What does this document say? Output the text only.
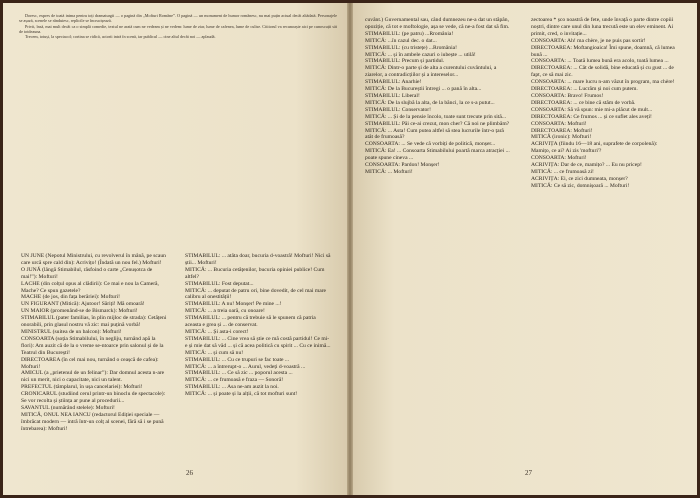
Doresc, expres de toată inima pentru toți dramaturgii — o pagină din „Mofturi Române”. O pagină — un monument de humor românesc, nu mai puțin actual decât altădată. Personajele se așază, scenele se rânduiesc, replicile se încrucișează.

Privit, însă, mai mult decât ca o simplă comedie, textul ne arată cum ne vedeam și ne vedem: lume de ziar, lume de cafenea, lume de culise. Cititorul va recunoaște aici pe cunoscuții săi de totdeauna.

Trecem, totuși, la spectacol; cortina se ridică, actorii intră în scenă, iar publicul — cine altul decât noi — aplaudă.

UN JUNE (Nepotul Ministrului, cu revolverul în mână, pe scaun care urcă spre cald din): Acrivițo! (Îndată un nou fel.) Mofturi!

O JUNĂ (lângă Stimabilul, răsfoind o carte „Cenușotca de mai!”): Mofturi!

LACHE (din colțul opus al clădirii): Ce mai e nou la Cameră, Mache? Ce spun gazetele?

MACHE (de jos, din fața berăriei): Mofturi!

UN FIGURANT (Mitică): Ajutoor! Săriți! Mă omoară!

UN MAIOR (promenând-se de Bismarck): Mofturi!

STIMABILUL (pater familias, în plin mijloc de strada): Cetățeni onorabili, prin glasul nostru vă zic: mai puțină vorbă!

MINISTRUL (suitea de un balcon): Mofturi!

CONSOARTA (soția Stimabilului, în negliju, turnând apă la flori): Am auzit că de la o vreme se-ntoarce prin salonul și de la Teatrul din București!

DIRECTOAREA (în cel mai nou, turnând o ceașcă de cafea): Mofturi!

AMICUL (a „prietenul de un felinar”): Dar domnul acesta n-are nici un merit, nici o capacitate, nici un talent.

PREFECTUL (tâmplarul, în ușa cancelariei): Mofturi!

CRONICARUL (studiind cerul printr-un binoclu de spectacole): Se vor recolta și știința ar pune al procedurii...

SAVANTUL (numărând stelele): Mofturi!

MITICĂ, ONUL NEA IANCU (redactorul Ediției speciale — îmbrăcat modern — intră într-un colț al scenei, fără să i se pună întrebarea): Mofturi!

STIMABILUL: ... atâta doar, bucuria d-voastră! Mofturi! Nici să știi... Mofturi!

MITICĂ: ... Bucuria cetățenilor, bucuria opiniei publice! Cum altfel?

STIMABILUL: Fost deputat...

MITICĂ: ... deputat de patru ori, bine dovedit, de cel mai mare calibru al onestității!

STIMABILUL: A nu! Monșer! Pe mine ...!

MITICĂ: ... a treia oară, cu onoare!

STIMABILUL: ... pentru că trebuie să le spunem că patria aceasta e grea și ... de conservat.

MITICĂ: ... Și asta-i corect!

STIMABILUL: ... Cine vrea să știe ce mă costă partidul! Ce mi-e și mie dat să văd ... și că acea politică cu spirit ... Cu ce inimă...

MITICĂ: ... și cum să nu!

STIMABILUL: ... Cu ce trupuri se fac toate ...

MITICĂ: ... a întrerupt-o ... Aurul, vedeți d-voastră ...

STIMABILUL: ... Ce să zic ... poporul acesta ...

MITICĂ: ... ce frumoasă e fraza — Sonoră!

STIMABILUL: ... Asa ne-am auzit la noi.

MITICĂ: ... și poate și la alții, că tot mofturi sunt!

26

cuvânt.) Guvernamental sau, când dumnezeu ne-a dat un stăpân, opoziție, că tot e moftologie, așa se vede, că ne-a fost dat să fim.

STIMABILUL: (pe patru) ...Rromânia!

MITICĂ: ...în cazul dec. o dat...

STIMABILUL: (cu tristețe) ...Rromânia!

MITICĂ: ... și în ambele cazuri o iubește ... utilă!

STIMABILUL: Precum și partidul.

MITICĂ: Dintr-o parte și de alta a curentului cuvântului, a ziarelor, a contradicțiilor și a intereselor...

STIMABILUL: Anarhie!

MITICĂ: De la Bucureștii întregi ... o pană în alta...

STIMABILUL: Liberal!

MITICĂ: De la slujbă la alta, de la bănci, la ce s-a putut...

STIMABILUL: Conservator!

MITICĂ: ... Și de la pensie încolo, toate sunt trecute prin sită...

STIMABILUL: Păi ce-ai crezut, mon cher? Că noi ne plimbăm?

MITICĂ: ... Asta! Cum putea altfel să stea lucrurile într-o țară atât de frumoasă?

CONSOARTA: ... Se vede că vorbiți de politică, monșer...

MITICĂ: Ea! ... Consoarta Stimabilului poartă marca atracției ... poate spune cineva ...

CONSOARTA: Pardon! Monșer!

MITICĂ: ... Mofturi!

zectoarea * șco noastră de fete, unde învață o parte dintre copiii noștri, dintre care unul din luna trecută este un elev eminent. Ai primit, cred, o invitație...

CONSOARTA: Ah! ma chère, je ne puis pas sortir!

DIRECTOAREA: Moftangioaica! Îmi spune, doamnă, că lumea bună ...

CONSOARTA: ... Toată lumea bună era acolo, toată lumea ...

DIRECTOAREA: ... Cât de solidă, bine educată și cu gust ... de fapt, ce să mai zic.

CONSOARTA: ... mare lucru n-am văzut în program, ma chère!

DIRECTOAREA: ... Lucrăm și noi cum putem.

CONSOARTA: Bravo! Frumos!

DIRECTOAREA: ... ce bine că stăm de vorbă.

CONSOARTA: Să vă spun: mie mi-a plăcut de mult...

DIRECTOAREA: Ce frumos ... și ce suflet ales aveți!

CONSOARTA: Mofturi!

DIRECTOAREA: Mofturi!

MITICĂ (ironic): Mofturi!

ACRIVIȚA (fiindu 16—18 ani, suprafete de corpolenă): Mamițo, ce ai? Ai zis 'mofturi'?

CONSOARTA: Mofturi!

ACRIVIȚA: Dar de ce, mamițo? ... Eu nu pricep!

MITICĂ: ... ce frumoasă zi!

ACRIVIȚA: Ei, ce zici dumneata, monșer?

MITICĂ: Ce să zic, domnișoară ... Mofturi!

27
